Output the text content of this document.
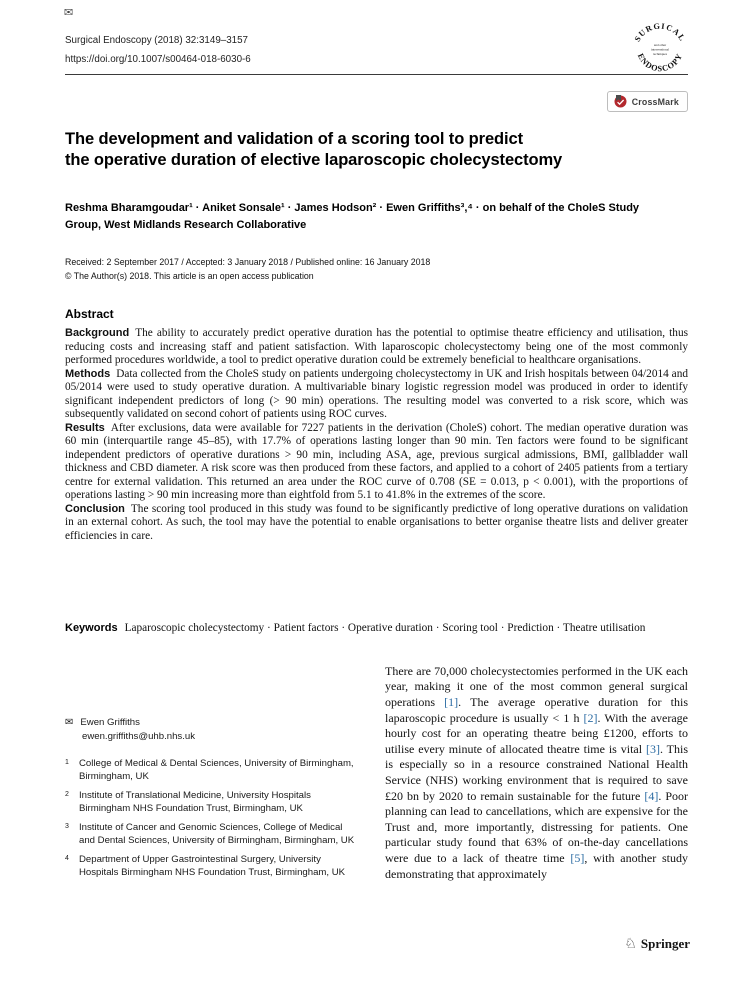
✉
SURGICAL
ENDOSCOPY
and other
interventional
techniques
CrossMark
Surgical Endoscopy (2018) 32:3149–3157
https://doi.org/10.1007/s00464-018-6030-6
The development and validation of a scoring tool to predict
the operative duration of elective laparoscopic cholecystectomy
Reshma Bharamgoudar¹ · Aniket Sonsale¹ · James Hodson² · Ewen Griffiths³,⁴ · on behalf of the CholeS Study
Group, West Midlands Research Collaborative
Received: 2 September 2017 / Accepted: 3 January 2018 / Published online: 16 January 2018
© The Author(s) 2018. This article is an open access publication
Abstract

Background The ability to accurately predict operative duration has the potential to optimise theatre efficiency and utilisation, thus reducing costs and increasing staff and patient satisfaction. With laparoscopic cholecystectomy being one of the most commonly performed procedures worldwide, a tool to predict operative duration could be extremely beneficial to healthcare organisations.

Methods Data collected from the CholeS study on patients undergoing cholecystectomy in UK and Irish hospitals between 04/2014 and 05/2014 were used to study operative duration. A multivariable binary logistic regression model was produced in order to identify significant independent predictors of long (> 90 min) operations. The resulting model was converted to a risk score, which was subsequently validated on second cohort of patients using ROC curves.

Results After exclusions, data were available for 7227 patients in the derivation (CholeS) cohort. The median operative duration was 60 min (interquartile range 45–85), with 17.7% of operations lasting longer than 90 min. Ten factors were found to be significant independent predictors of operative durations > 90 min, including ASA, age, previous surgical admissions, BMI, gallbladder wall thickness and CBD diameter. A risk score was then produced from these factors, and applied to a cohort of 2405 patients from a tertiary centre for external validation. This returned an area under the ROC curve of 0.708 (SE = 0.013, p < 0.001), with the proportions of operations lasting > 90 min increasing more than eightfold from 5.1 to 41.8% in the extremes of the score.

Conclusion The scoring tool produced in this study was found to be significantly predictive of long operative durations on validation in an external cohort. As such, the tool may have the potential to enable organisations to better organise theatre lists and deliver greater efficiencies in care.

Keywords Laparoscopic cholecystectomy · Patient factors · Operative duration · Scoring tool · Prediction · Theatre utilisation
✉ Ewen Griffiths
ewen.griffiths@uhb.nhs.uk
1	College of Medical & Dental Sciences, University of Birmingham, Birmingham, UK
2	Institute of Translational Medicine, University Hospitals Birmingham NHS Foundation Trust, Birmingham, UK
3	Institute of Cancer and Genomic Sciences, College of Medical and Dental Sciences, University of Birmingham, Birmingham, UK
4	Department of Upper Gastrointestinal Surgery, University Hospitals Birmingham NHS Foundation Trust, Birmingham, UK

There are 70,000 cholecystectomies performed in the UK each year, making it one of the most common general surgical operations [1]. The average operative duration for this laparoscopic procedure is usually < 1 h [2]. With the average hourly cost for an operating theatre being £1200, efforts to utilise every minute of allocated theatre time is vital [3]. This is especially so in a resource constrained National Health Service (NHS) working environment that is required to save £20 bn by 2020 to remain sustainable for the future [4]. Poor planning can lead to cancellations, which are expensive for the Trust and, more importantly, distressing for patients. One particular study found that 63% of on-the-day cancellations were due to a lack of theatre time [5], with another study demonstrating that approximately

♘ Springer
